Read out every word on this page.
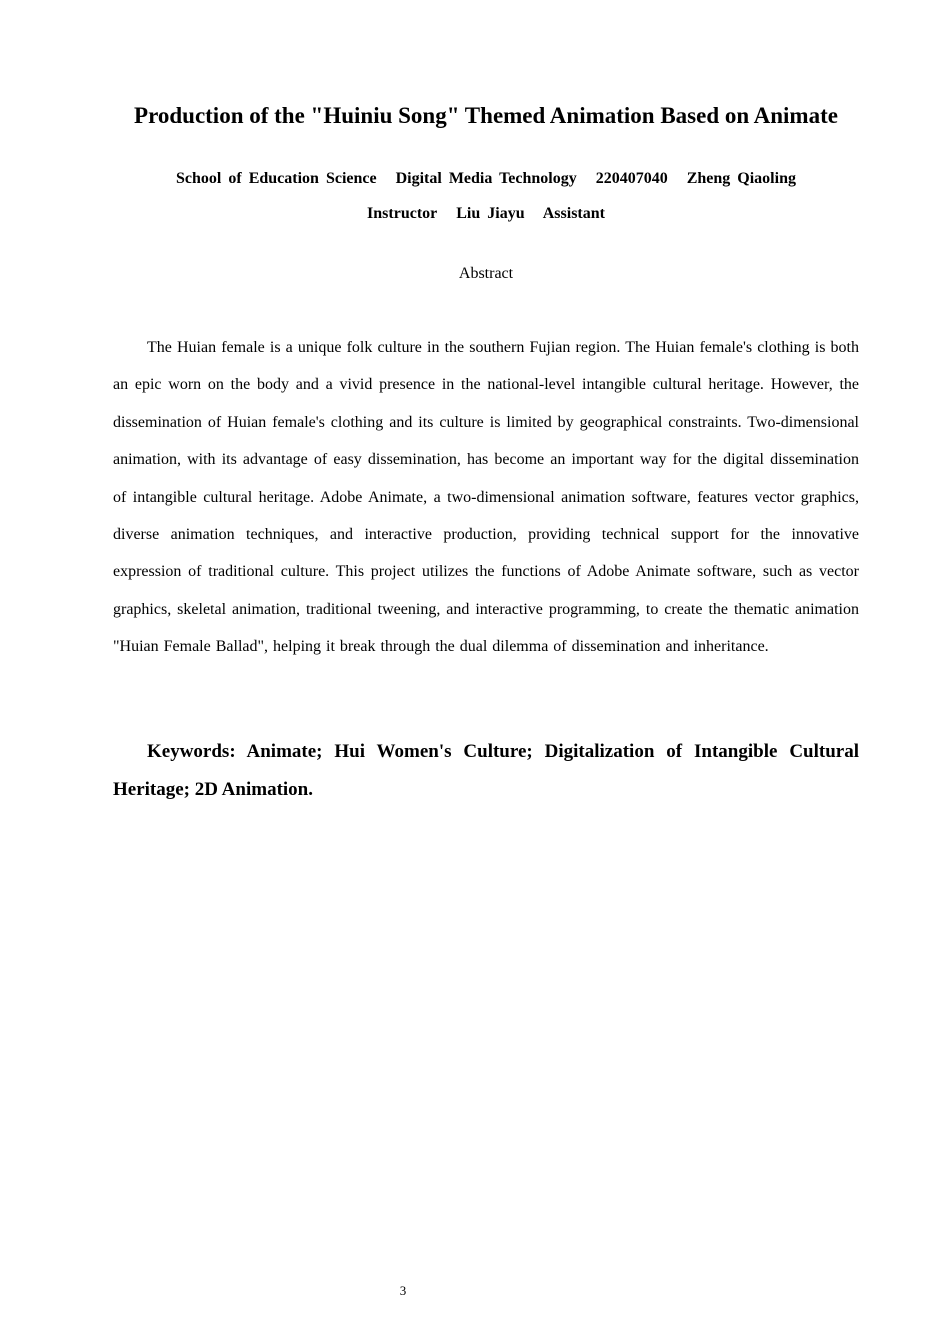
Production of the "Huiniu Song" Themed Animation Based on Animate
School of Education Science Digital Media Technology 220407040 Zheng Qiaoling
Instructor Liu Jiayu Assistant
Abstract

The Huian female is a unique folk culture in the southern Fujian region. The Huian female's clothing is both an epic worn on the body and a vivid presence in the national-level intangible cultural heritage. However, the dissemination of Huian female's clothing and its culture is limited by geographical constraints. Two-dimensional animation, with its advantage of easy dissemination, has become an important way for the digital dissemination of intangible cultural heritage. Adobe Animate, a two-dimensional animation software, features vector graphics, diverse animation techniques, and interactive production, providing technical support for the innovative expression of traditional culture. This project utilizes the functions of Adobe Animate software, such as vector graphics, skeletal animation, traditional tweening, and interactive programming, to create the thematic animation "Huian Female Ballad", helping it break through the dual dilemma of dissemination and inheritance.

Keywords: Animate; Hui Women's Culture; Digitalization of Intangible Cultural Heritage; 2D Animation.

3
